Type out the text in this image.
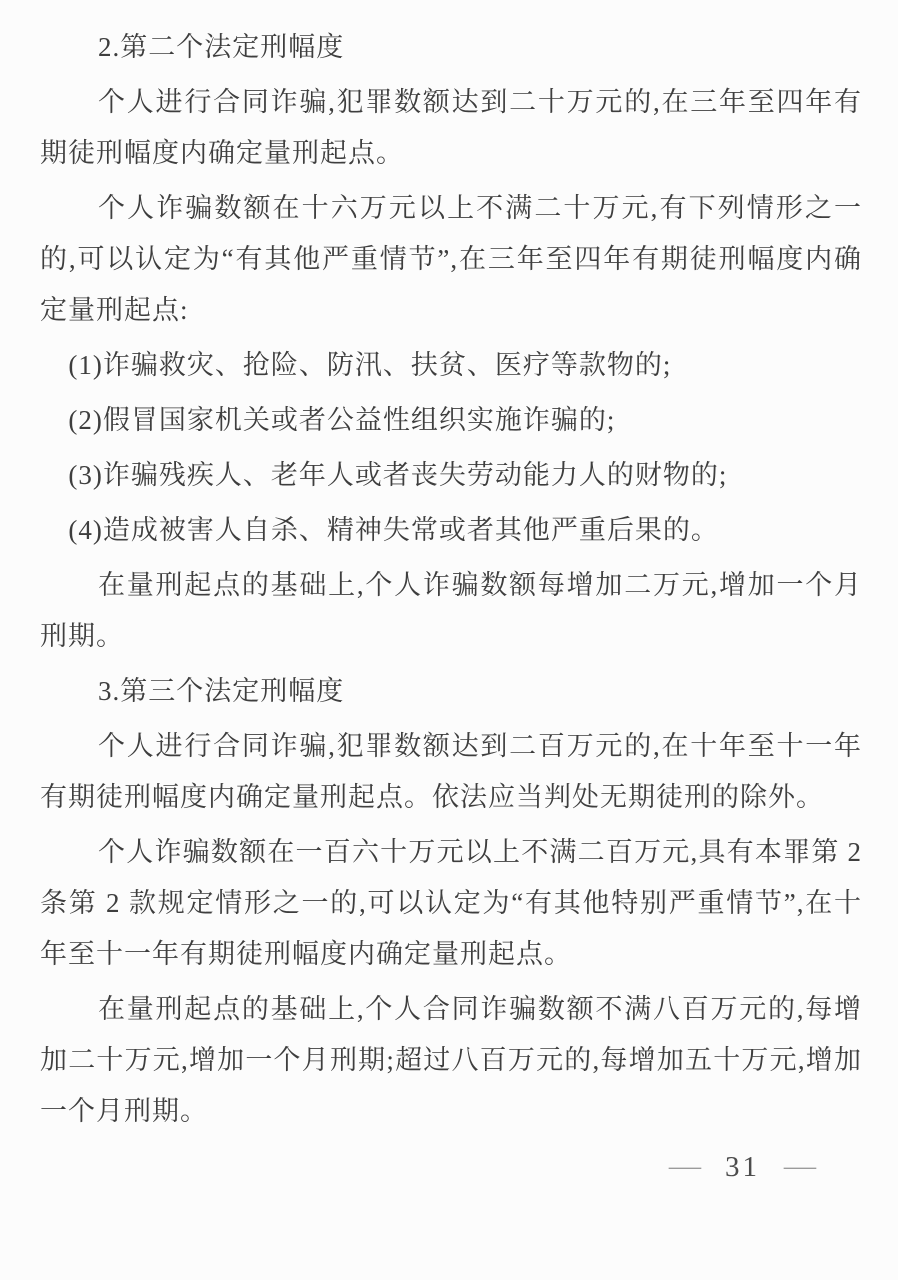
2.第二个法定刑幅度

个人进行合同诈骗,犯罪数额达到二十万元的,在三年至四年有期徒刑幅度内确定量刑起点。

个人诈骗数额在十六万元以上不满二十万元,有下列情形之一的,可以认定为“有其他严重情节”,在三年至四年有期徒刑幅度内确定量刑起点:

(1)诈骗救灾、抢险、防汛、扶贫、医疗等款物的;

(2)假冒国家机关或者公益性组织实施诈骗的;

(3)诈骗残疾人、老年人或者丧失劳动能力人的财物的;

(4)造成被害人自杀、精神失常或者其他严重后果的。

在量刑起点的基础上,个人诈骗数额每增加二万元,增加一个月刑期。

3.第三个法定刑幅度

个人进行合同诈骗,犯罪数额达到二百万元的,在十年至十一年有期徒刑幅度内确定量刑起点。依法应当判处无期徒刑的除外。

个人诈骗数额在一百六十万元以上不满二百万元,具有本罪第 2 条第 2 款规定情形之一的,可以认定为“有其他特别严重情节”,在十年至十一年有期徒刑幅度内确定量刑起点。

在量刑起点的基础上,个人合同诈骗数额不满八百万元的,每增加二十万元,增加一个月刑期;超过八百万元的,每增加五十万元,增加一个月刑期。

— 31 —
